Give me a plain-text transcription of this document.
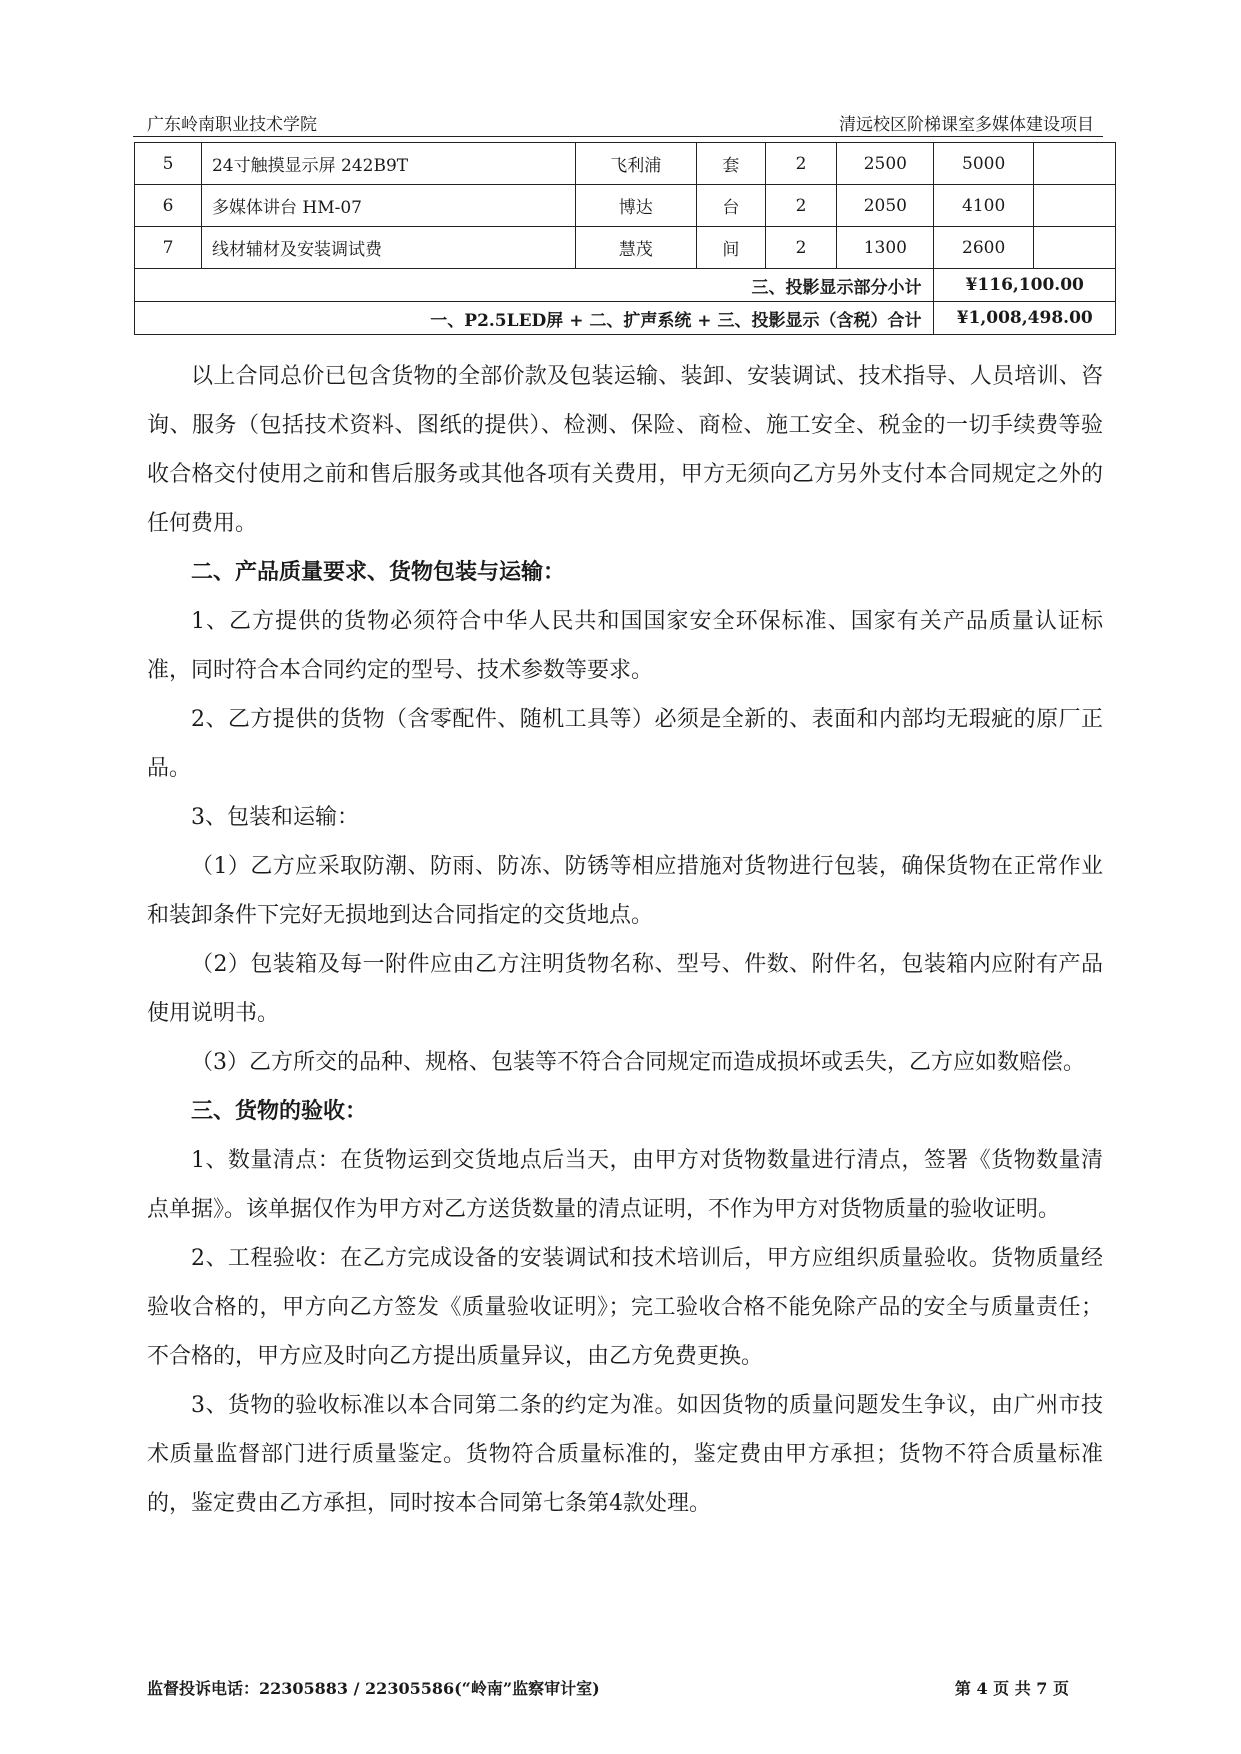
广东岭南职业技术学院	清远校区阶梯课室多媒体建设项目
5	24寸触摸显示屏 242B9T	飞利浦	套	2	2500	5000	
6	多媒体讲台 HM-07	博达	台	2	2050	4100	
7	线材辅材及安装调试费	慧茂	间	2	1300	2600	
三、投影显示部分小计						¥116,100.00	
一、P2.5LED屏 + 二、扩声系统 + 三、投影显示（含税）合计						¥1,008,498.00	

以上合同总价已包含货物的全部价款及包装运输、装卸、安装调试、技术指导、人员培训、咨询、服务（包括技术资料、图纸的提供）、检测、保险、商检、施工安全、税金的一切手续费等验收合格交付使用之前和售后服务或其他各项有关费用，甲方无须向乙方另外支付本合同规定之外的任何费用。

二、产品质量要求、货物包装与运输：

1、乙方提供的货物必须符合中华人民共和国国家安全环保标准、国家有关产品质量认证标准，同时符合本合同约定的型号、技术参数等要求。

2、乙方提供的货物（含零配件、随机工具等）必须是全新的、表面和内部均无瑕疵的原厂正品。

3、包装和运输：

（1）乙方应采取防潮、防雨、防冻、防锈等相应措施对货物进行包装，确保货物在正常作业和装卸条件下完好无损地到达合同指定的交货地点。

（2）包装箱及每一附件应由乙方注明货物名称、型号、件数、附件名，包装箱内应附有产品使用说明书。

（3）乙方所交的品种、规格、包装等不符合合同规定而造成损坏或丢失，乙方应如数赔偿。

三、货物的验收：

1、数量清点：在货物运到交货地点后当天，由甲方对货物数量进行清点，签署《货物数量清点单据》。该单据仅作为甲方对乙方送货数量的清点证明，不作为甲方对货物质量的验收证明。

2、工程验收：在乙方完成设备的安装调试和技术培训后，甲方应组织质量验收。货物质量经验收合格的，甲方向乙方签发《质量验收证明》；完工验收合格不能免除产品的安全与质量责任；不合格的，甲方应及时向乙方提出质量异议，由乙方免费更换。

3、货物的验收标准以本合同第二条的约定为准。如因货物的质量问题发生争议，由广州市技术质量监督部门进行质量鉴定。货物符合质量标准的，鉴定费由甲方承担；货物不符合质量标准的，鉴定费由乙方承担，同时按本合同第七条第4款处理。

监督投诉电话：22305883 / 22305586(“岭南”监察审计室)	第 4 页 共 7 页
